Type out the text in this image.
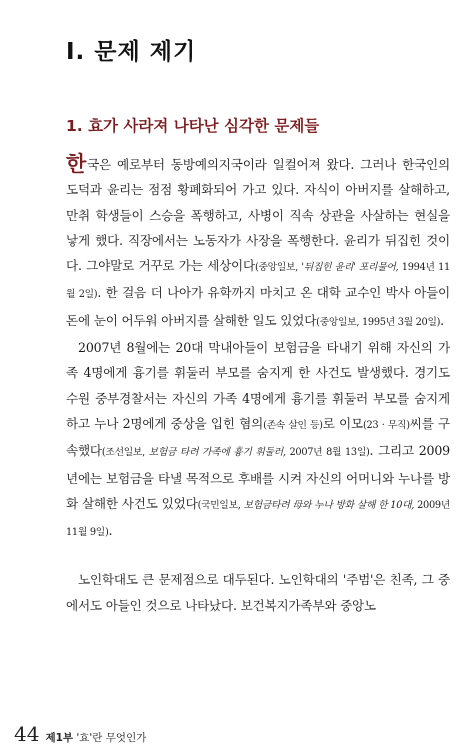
Ⅰ. 문제 제기
1. 효가 사라져 나타난 심각한 문제들

한국은 예로부터 동방예의지국이라 일컬어져 왔다. 그러나 한국인의 도덕과 윤리는 점점 황폐화되어 가고 있다. 자식이 아버지를 살해하고, 만취 학생들이 스승을 폭행하고, 사병이 직속 상관을 사살하는 현실을 낳게 했다. 직장에서는 노동자가 사장을 폭행한다. 윤리가 뒤집힌 것이다. 그야말로 거꾸로 가는 세상이다(중앙일보, '뒤집힌 윤리' 포리물어, 1994년 11월 2일). 한 걸음 더 나아가 유학까지 마치고 온 대학 교수인 박사 아들이 돈에 눈이 어두워 아버지를 살해한 일도 있었다(중앙일보, 1995년 3월 20일).

2007년 8월에는 20대 막내아들이 보험금을 타내기 위해 자신의 가족 4명에게 흉기를 휘둘러 부모를 숨지게 한 사건도 발생했다. 경기도 수원 중부경찰서는 자신의 가족 4명에게 흉기를 휘둘러 부모를 숨지게 하고 누나 2명에게 중상을 입힌 혐의(존속 살인 등)로 이모(23 · 무직)씨를 구속했다(조선일보, 보험금 타려 가족에 흉기 휘둘러, 2007년 8월 13일). 그리고 2009년에는 보험금을 타낼 목적으로 후배를 시켜 자신의 어머니와 누나를 방화 살해한 사건도 있었다(국민일보, 보험금타려 母와 누나 방화 살해 한 10대, 2009년 11월 9일).

노인학대도 큰 문제점으로 대두된다. 노인학대의 '주범'은 친족, 그 중에서도 아들인 것으로 나타났다. 보건복지가족부와 중앙노

44 제1부 '효'란 무엇인가
